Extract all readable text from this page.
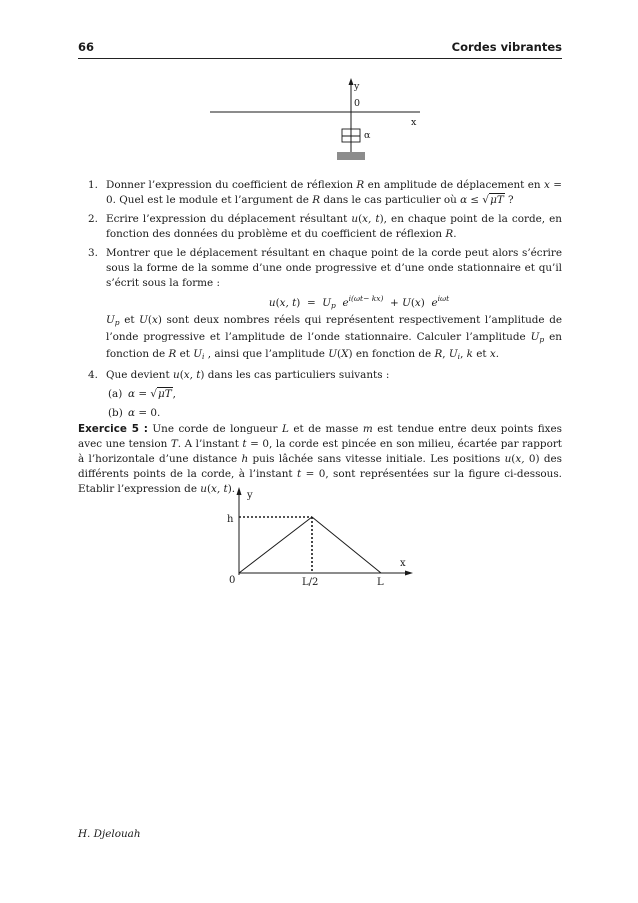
66	Cordes vibrantes
y
0
x
α
1. Donner l’expression du coefficient de réflexion R en amplitude de déplacement en x = 0. Quel est le module et l’argument de R dans le cas particulier où α ≤ √μT ?

2. Ecrire l’expression du déplacement résultant u(x, t), en chaque point de la corde, en fonction des données du problème et du coefficient de réflexion R.

3. Montrer que le déplacement résultant en chaque point de la corde peut alors s’écrire sous la forme de la somme d’une onde progressive et d’une onde stationnaire et qu’il s’écrit sous la forme :

u(x, $t) = U_p$ $e^{i(\omega t- kx)} + U(x)$  $e^{i\omega t}$

$U_p$ et U(x) sont deux nombres réels qui représentent respectivement l’amplitude de l’onde progressive et l’amplitude de l’onde stationnaire. Calculer l’amplitude $U_p$ en fonction de R et $U_i$ , ainsi que l’amplitude U(X) en fonction de R, $U_i$, k et x.

4. Que devient u(x, t) dans les cas particuliers suivants :

(a) α = √μT,
(b) α = 0.
Exercice 5 : Une corde de longueur L et de masse m est tendue entre deux points fixes avec une tension T. A l’instant t = 0, la corde est pincée en son milieu, écartée par rapport à l’horizontale d’une distance h puis lâchée sans vitesse initiale. Les positions u(x, 0) des différents points de la corde, à l’instant t = 0, sont représentées sur la figure ci-dessous. Etablir l’expression de u(x, t).
y
h
x
0	L/2	L
H. Djelouah
